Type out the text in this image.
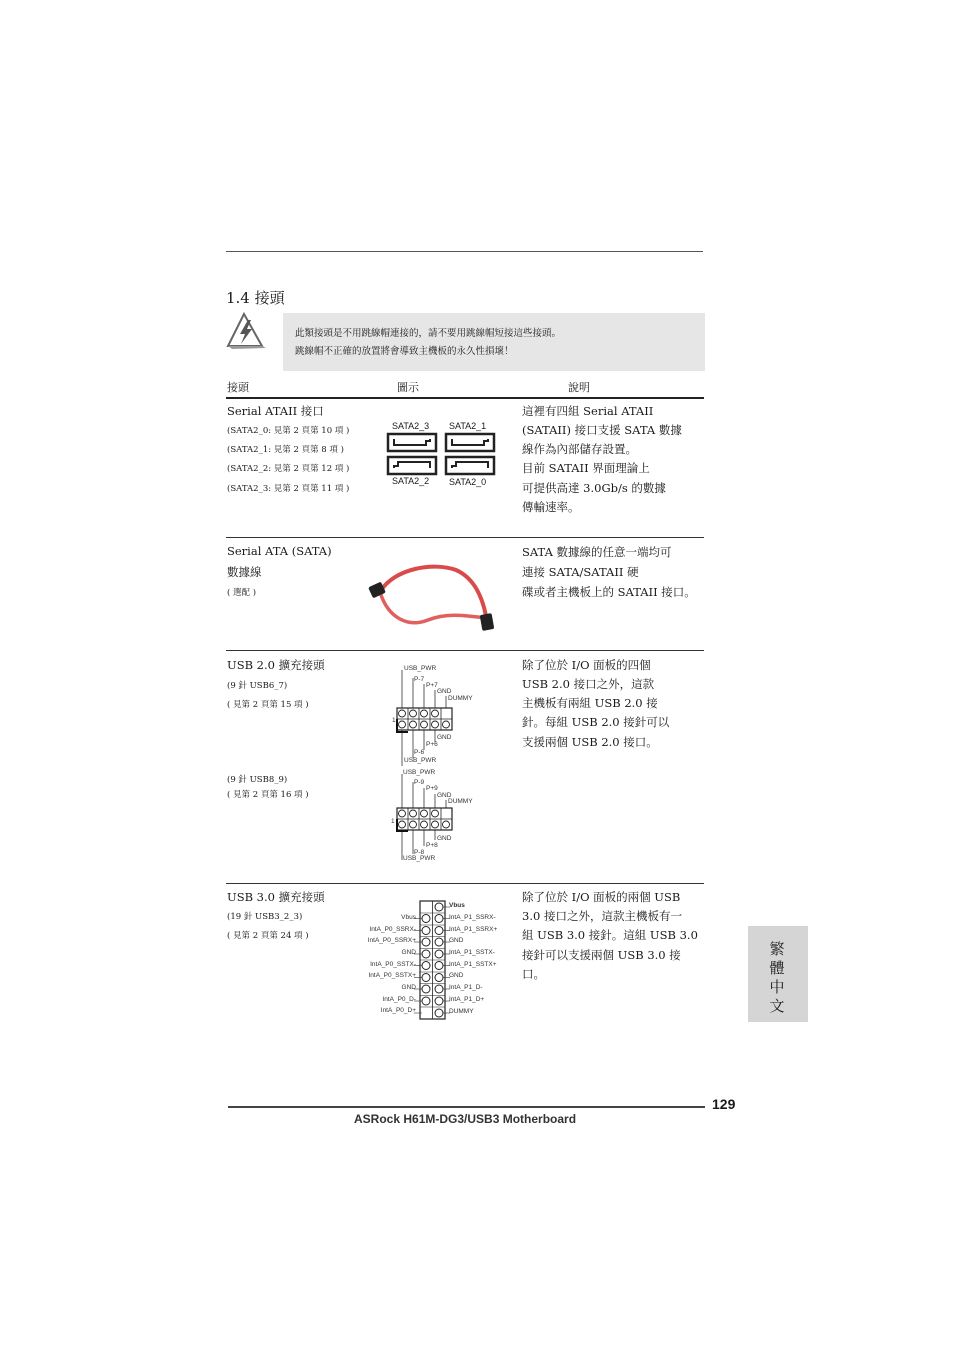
1.4 接頭
此類接頭是不用跳線帽連接的，請不要用跳線帽短接這些接頭。
跳線帽不正確的放置將會導致主機板的永久性損壞！
接頭	圖示	說明
Serial ATAII 接口
(SATA2_0: 見第 2 頁第 10 項 )
(SATA2_1: 見第 2 頁第 8 項 )
(SATA2_2: 見第 2 頁第 12 項 )
(SATA2_3: 見第 2 頁第 11 項 )
SATA2_3 SATA2_1
SATA2_2 SATA2_0
這裡有四組 Serial ATAII
(SATAII) 接口支援 SATA 數據
線作為內部儲存設置。
目前 SATAII 界面理論上
可提供高達 3.0Gb/s 的數據
傳輸速率。
Serial ATA (SATA)
數據線
( 選配 )
SATA 數據線的任意一端均可
連接 SATA/SATAII 硬
碟或者主機板上的 SATAII 接口。
USB 2.0 擴充接頭
(9 針 USB6_7)
( 見第 2 頁第 15 項 )
(9 針 USB8_9)
( 見第 2 頁第 16 項 )
USB_PWR
P-7
P+7
GND
DUMMY
GND
P+6
P-6
USB_PWR
1
USB_PWR
P-9
P+9
GND
DUMMY
GND
P+8
P-8
USB_PWR
1
除了位於 I/O 面板的四個
USB 2.0 接口之外，這款
主機板有兩組 USB 2.0 接
針。每組 USB 2.0 接針可以
支援兩個 USB 2.0 接口。
USB 3.0 擴充接頭
(19 針 USB3_2_3)
( 見第 2 頁第 24 項 )
Vbus
IntA_P0_SSRX-
IntA_P0_SSRX+
GND
IntA_P0_SSTX-
IntA_P0_SSTX+
GND
IntA_P0_D-
IntA_P0_D+
Vbus
IntA_P1_SSRX-
IntA_P1_SSRX+
GND
IntA_P1_SSTX-
IntA_P1_SSTX+
GND
IntA_P1_D-
IntA_P1_D+
DUMMY
除了位於 I/O 面板的兩個 USB
3.0 接口之外，這款主機板有一
組 USB 3.0 接針。這組 USB 3.0
接針可以支援兩個 USB 3.0 接
口。
繁體中文
129
ASRock H61M-DG3/USB3 Motherboard
